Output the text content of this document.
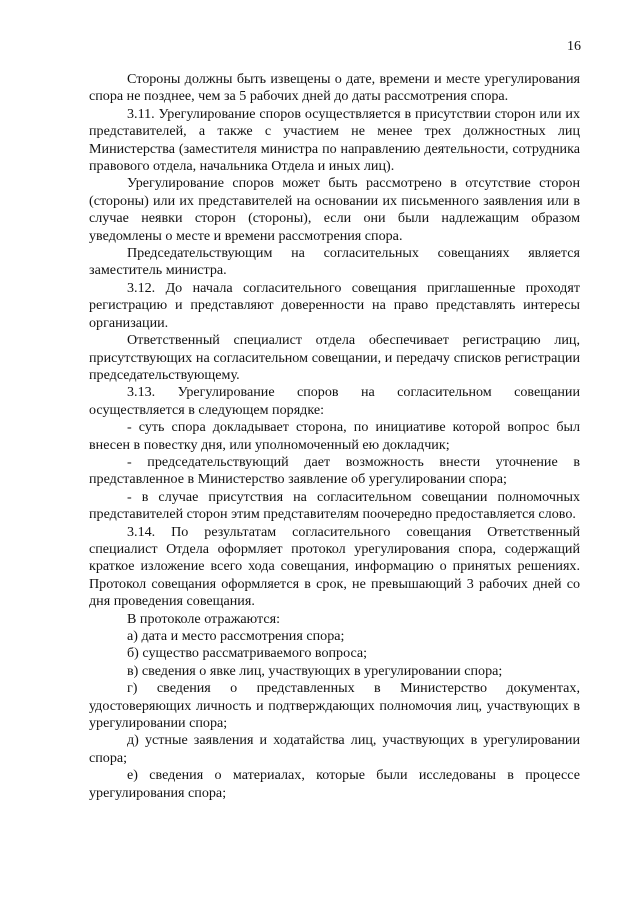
16

Стороны должны быть извещены о дате, времени и месте урегулирования спора не позднее, чем за 5 рабочих дней до даты рассмотрения спора.

3.11. Урегулирование споров осуществляется в присутствии сторон или их представителей, а также с участием не менее трех должностных лиц Министерства (заместителя министра по направлению деятельности, сотрудника правового отдела, начальника Отдела и иных лиц).

Урегулирование споров может быть рассмотрено в отсутствие сторон (стороны) или их представителей на основании их письменного заявления или в случае неявки сторон (стороны), если они были надлежащим образом уведомлены о месте и времени рассмотрения спора.

Председательствующим на согласительных совещаниях является заместитель министра.

3.12. До начала согласительного совещания приглашенные проходят регистрацию и представляют доверенности на право представлять интересы организации.

Ответственный специалист отдела обеспечивает регистрацию лиц, присутствующих на согласительном совещании, и передачу списков регистрации председательствующему.

3.13. Урегулирование споров на согласительном совещании осуществляется в следующем порядке:

- суть спора докладывает сторона, по инициативе которой вопрос был внесен в повестку дня, или уполномоченный ею докладчик;

- председательствующий дает возможность внести уточнение в представленное в Министерство заявление об урегулировании спора;

- в случае присутствия на согласительном совещании полномочных представителей сторон этим представителям поочередно предоставляется слово.

3.14. По результатам согласительного совещания Ответственный специалист Отдела оформляет протокол урегулирования спора, содержащий краткое изложение всего хода совещания, информацию о принятых решениях. Протокол совещания оформляется в срок, не превышающий 3 рабочих дней со дня проведения совещания.

В протоколе отражаются:

а) дата и место рассмотрения спора;

б) существо рассматриваемого вопроса;

в) сведения о явке лиц, участвующих в урегулировании спора;

г) сведения о представленных в Министерство документах, удостоверяющих личность и подтверждающих полномочия лиц, участвующих в урегулировании спора;

д) устные заявления и ходатайства лиц, участвующих в урегулировании спора;

е) сведения о материалах, которые были исследованы в процессе урегулирования спора;
